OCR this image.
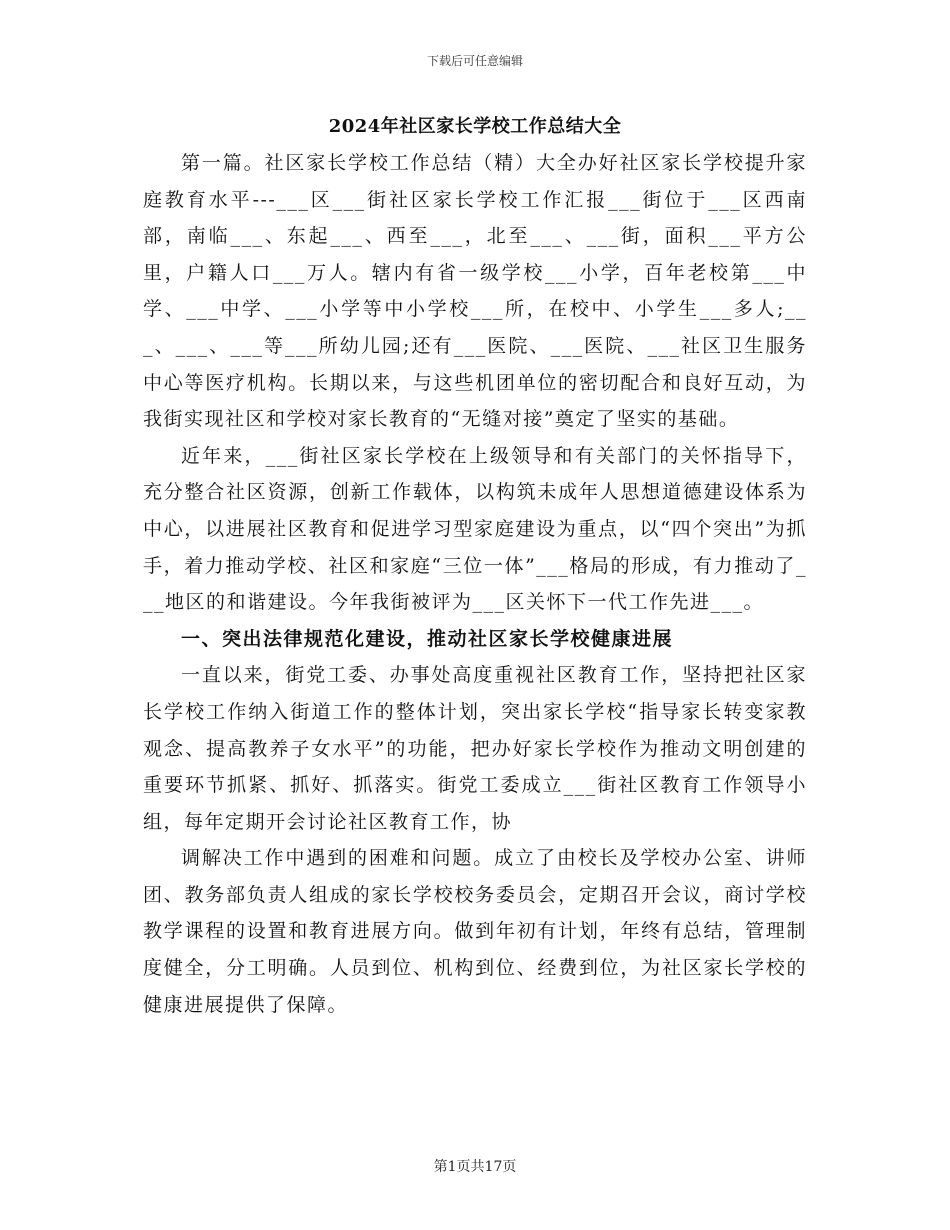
下载后可任意编辑
2024年社区家长学校工作总结大全

第一篇。社区家长学校工作总结（精）大全办好社区家长学校提升家庭教育水平---___区___街社区家长学校工作汇报___街位于___区西南部，南临___、东起___、西至___，北至___、___街，面积___平方公里，户籍人口___万人。辖内有省一级学校___小学，百年老校第___中学、___中学、___小学等中小学校___所，在校中、小学生___多人;___、___、___等___所幼儿园;还有___医院、___医院、___社区卫生服务中心等医疗机构。长期以来，与这些机团单位的密切配合和良好互动，为我街实现社区和学校对家长教育的“无缝对接”奠定了坚实的基础。

近年来，___街社区家长学校在上级领导和有关部门的关怀指导下，充分整合社区资源，创新工作载体，以构筑未成年人思想道德建设体系为中心，以进展社区教育和促进学习型家庭建设为重点，以“四个突出”为抓手，着力推动学校、社区和家庭“三位一体”___格局的形成，有力推动了___地区的和谐建设。今年我街被评为___区关怀下一代工作先进___。

一、突出法律规范化建设，推动社区家长学校健康进展

一直以来，街党工委、办事处高度重视社区教育工作，坚持把社区家长学校工作纳入街道工作的整体计划，突出家长学校“指导家长转变家教观念、提高教养子女水平”的功能，把办好家长学校作为推动文明创建的重要环节抓紧、抓好、抓落实。街党工委成立___街社区教育工作领导小组，每年定期开会讨论社区教育工作，协

调解决工作中遇到的困难和问题。成立了由校长及学校办公室、讲师团、教务部负责人组成的家长学校校务委员会，定期召开会议，商讨学校教学课程的设置和教育进展方向。做到年初有计划，年终有总结，管理制度健全，分工明确。人员到位、机构到位、经费到位，为社区家长学校的健康进展提供了保障。

第1页共17页
